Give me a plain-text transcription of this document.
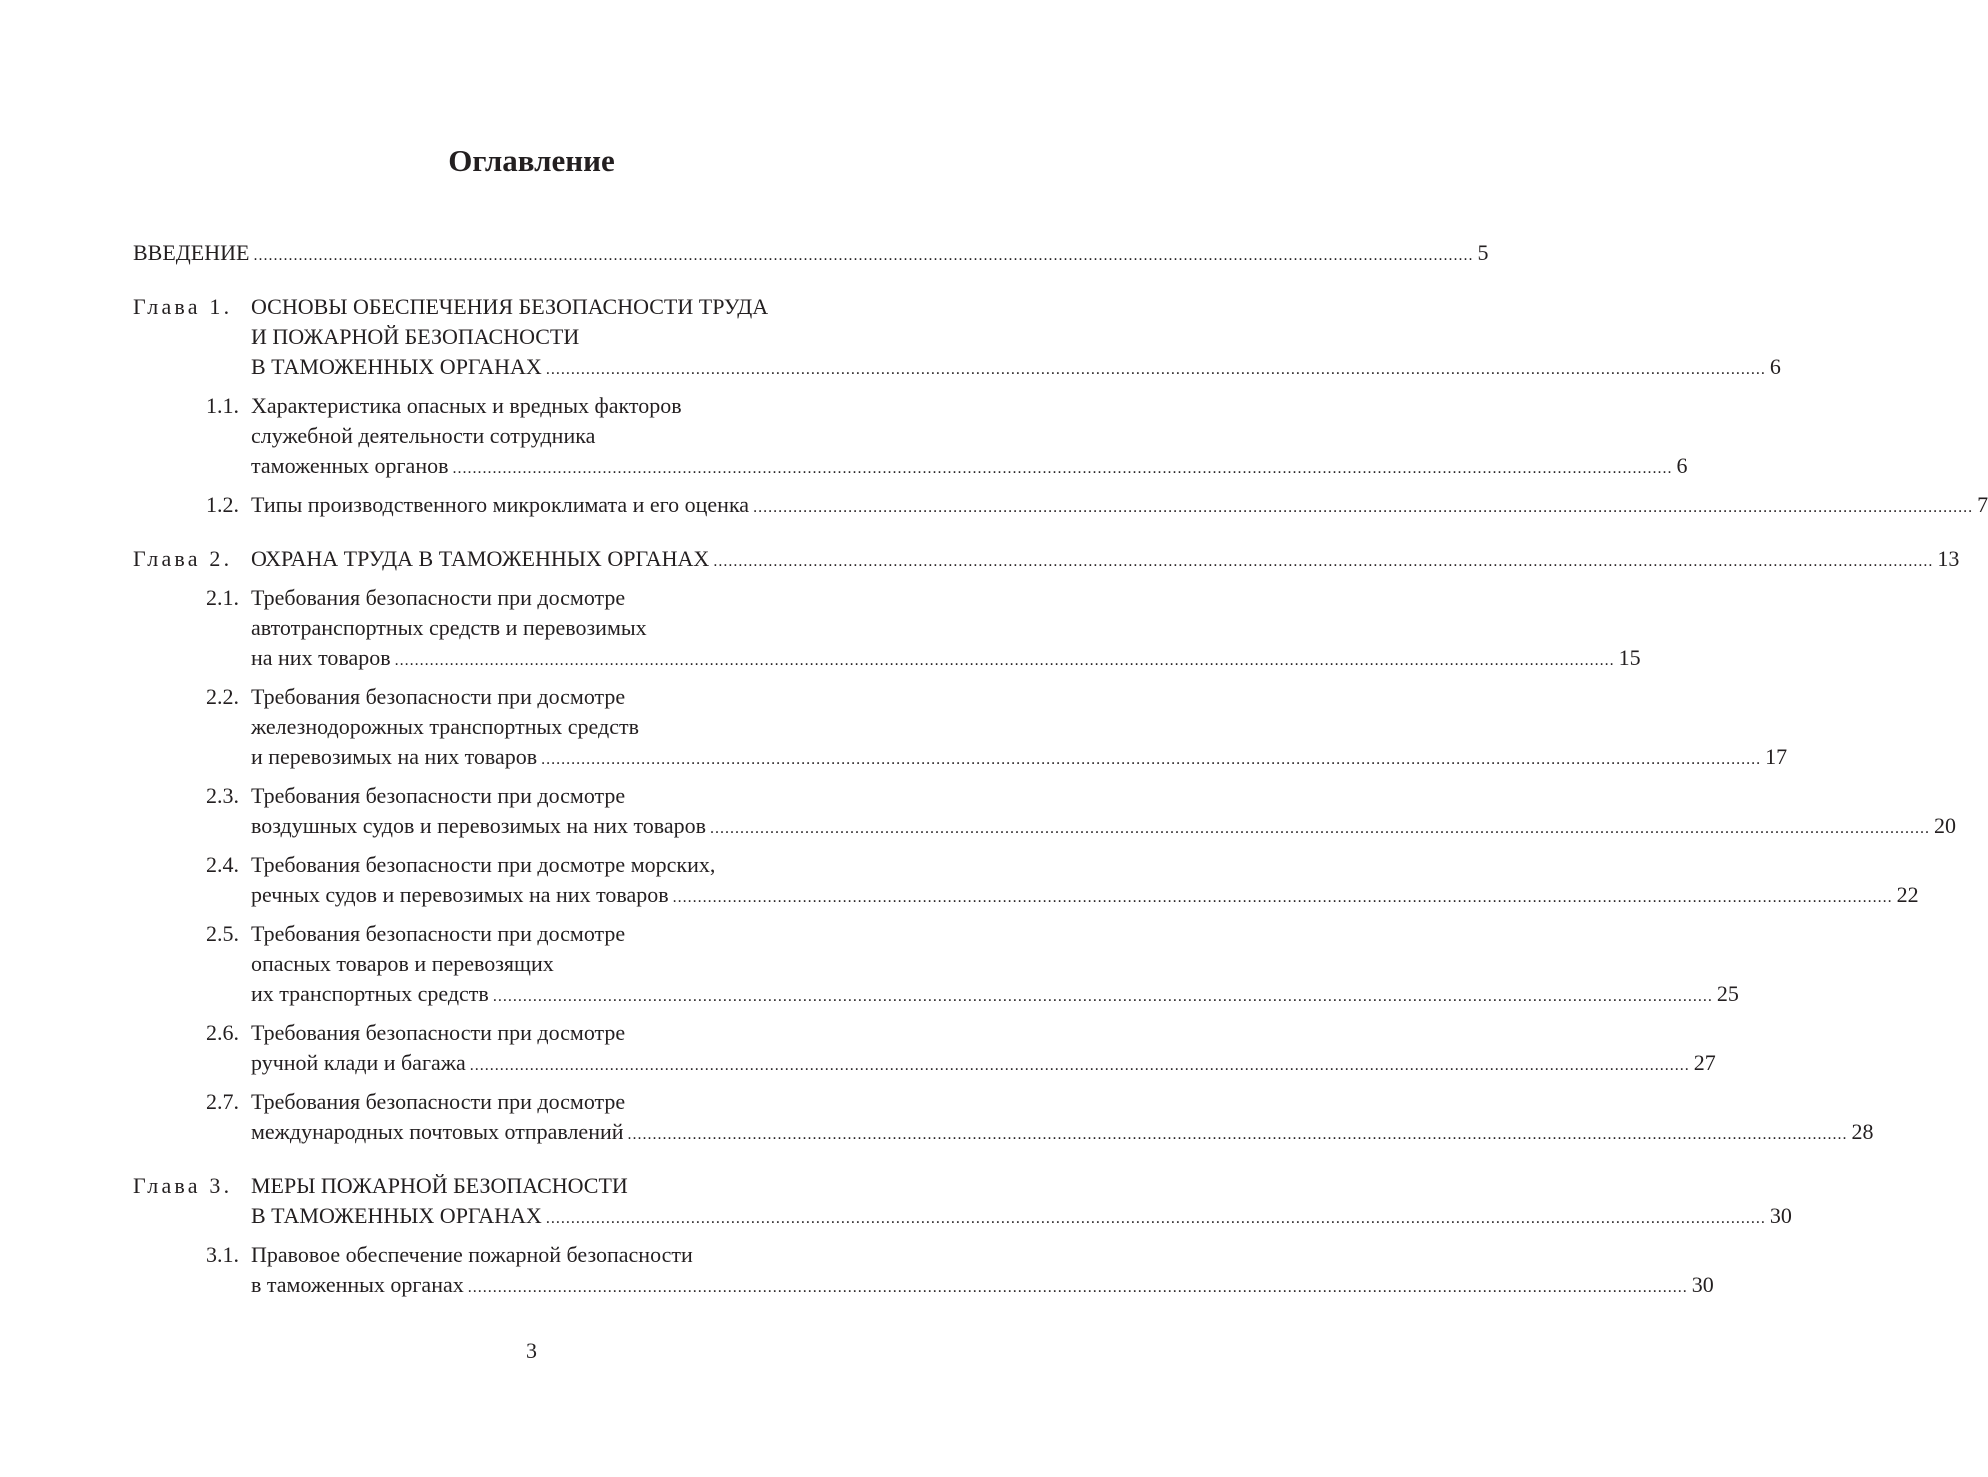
Оглавление
ВВЕДЕНИЕ .....	5
Глава 1. ОСНОВЫ ОБЕСПЕЧЕНИЯ БЕЗОПАСНОСТИ ТРУДА
И ПОЖАРНОЙ БЕЗОПАСНОСТИ
В ТАМОЖЕННЫХ ОРГАНАХ .....	6
1.1. Характеристика опасных и вредных факторов
служебной деятельности сотрудника
таможенных органов .....	6
1.2. Типы производственного микроклимата и его оценка .....	7
Глава 2. ОХРАНА ТРУДА В ТАМОЖЕННЫХ ОРГАНАХ .....	13
2.1. Требования безопасности при досмотре
автотранспортных средств и перевозимых
на них товаров .....	15
2.2. Требования безопасности при досмотре
железнодорожных транспортных средств
и перевозимых на них товаров .....	17
2.3. Требования безопасности при досмотре
воздушных судов и перевозимых на них товаров .....	20
2.4. Требования безопасности при досмотре морских,
речных судов и перевозимых на них товаров .....	22
2.5. Требования безопасности при досмотре
опасных товаров и перевозящих
их транспортных средств .....	25
2.6. Требования безопасности при досмотре
ручной клади и багажа .....	27
2.7. Требования безопасности при досмотре
международных почтовых отправлений .....	28
Глава 3. МЕРЫ ПОЖАРНОЙ БЕЗОПАСНОСТИ
В ТАМОЖЕННЫХ ОРГАНАХ .....	30
3.1. Правовое обеспечение пожарной безопасности
в таможенных органах .....	30
3
